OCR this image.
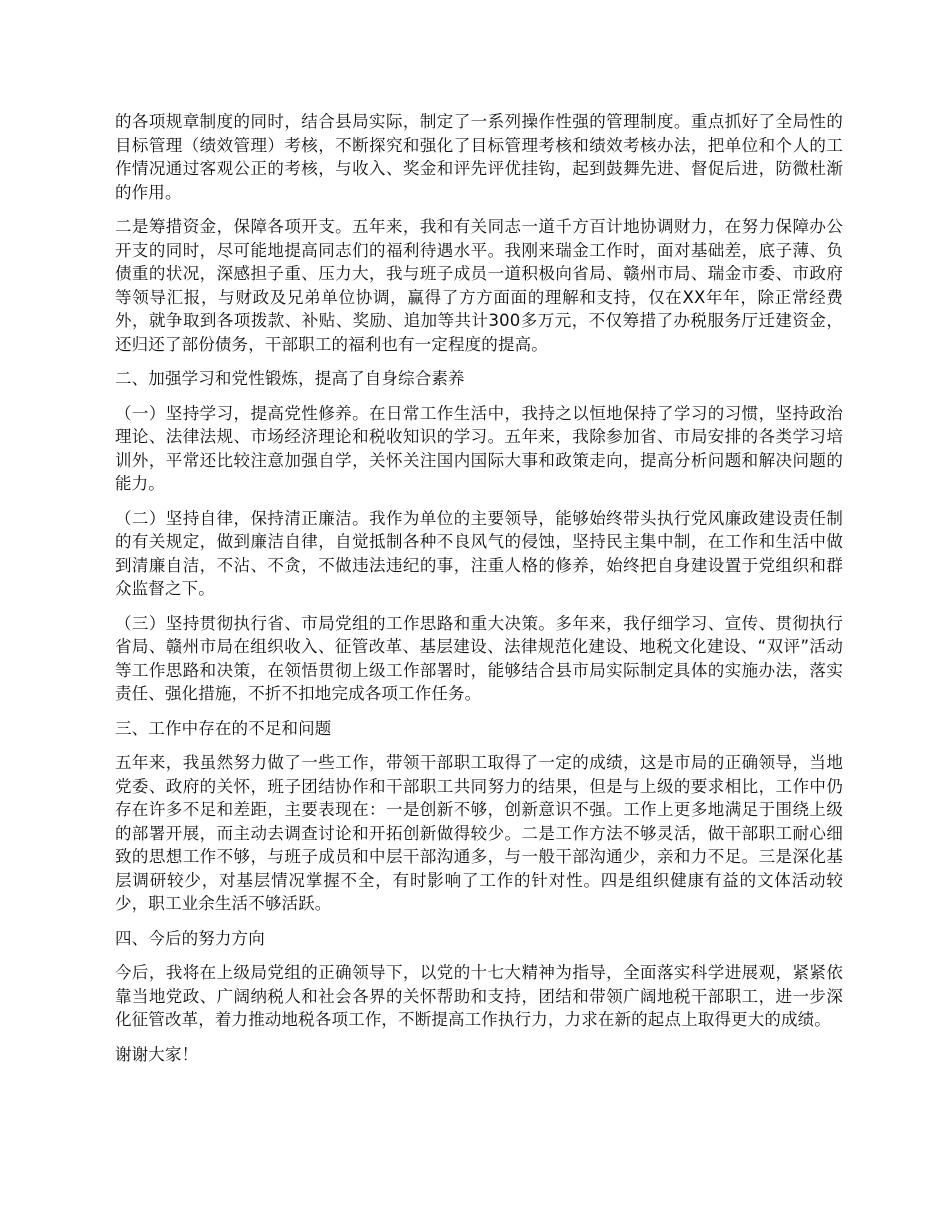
的各项规章制度的同时，结合县局实际，制定了一系列操作性强的管理制度。重点抓好了全局性的目标管理（绩效管理）考核，不断探究和强化了目标管理考核和绩效考核办法，把单位和个人的工作情况通过客观公正的考核，与收入、奖金和评先评优挂钩，起到鼓舞先进、督促后进，防微杜渐的作用。

二是筹措资金，保障各项开支。五年来，我和有关同志一道千方百计地协调财力，在努力保障办公开支的同时，尽可能地提高同志们的福利待遇水平。我刚来瑞金工作时，面对基础差，底子薄、负债重的状况，深感担子重、压力大，我与班子成员一道积极向省局、赣州市局、瑞金市委、市政府等领导汇报，与财政及兄弟单位协调，赢得了方方面面的理解和支持，仅在XX年年，除正常经费外，就争取到各项拨款、补贴、奖励、追加等共计300多万元，不仅筹措了办税服务厅迁建资金，还归还了部份债务，干部职工的福利也有一定程度的提高。

二、加强学习和党性锻炼，提高了自身综合素养

（一）坚持学习，提高党性修养。在日常工作生活中，我持之以恒地保持了学习的习惯，坚持政治理论、法律法规、市场经济理论和税收知识的学习。五年来，我除参加省、市局安排的各类学习培训外，平常还比较注意加强自学，关怀关注国内国际大事和政策走向，提高分析问题和解决问题的能力。

（二）坚持自律，保持清正廉洁。我作为单位的主要领导，能够始终带头执行党风廉政建设责任制的有关规定，做到廉洁自律，自觉抵制各种不良风气的侵蚀，坚持民主集中制，在工作和生活中做到清廉自洁，不沾、不贪，不做违法违纪的事，注重人格的修养，始终把自身建设置于党组织和群众监督之下。

（三）坚持贯彻执行省、市局党组的工作思路和重大决策。多年来，我仔细学习、宣传、贯彻执行省局、赣州市局在组织收入、征管改革、基层建设、法律规范化建设、地税文化建设、“双评”活动等工作思路和决策，在领悟贯彻上级工作部署时，能够结合县市局实际制定具体的实施办法，落实责任、强化措施，不折不扣地完成各项工作任务。

三、工作中存在的不足和问题

五年来，我虽然努力做了一些工作，带领干部职工取得了一定的成绩，这是市局的正确领导，当地党委、政府的关怀，班子团结协作和干部职工共同努力的结果，但是与上级的要求相比，工作中仍存在许多不足和差距，主要表现在：一是创新不够，创新意识不强。工作上更多地满足于围绕上级的部署开展，而主动去调查讨论和开拓创新做得较少。二是工作方法不够灵活，做干部职工耐心细致的思想工作不够，与班子成员和中层干部沟通多，与一般干部沟通少，亲和力不足。三是深化基层调研较少，对基层情况掌握不全，有时影响了工作的针对性。四是组织健康有益的文体活动较少，职工业余生活不够活跃。

四、今后的努力方向

今后，我将在上级局党组的正确领导下，以党的十七大精神为指导，全面落实科学进展观，紧紧依靠当地党政、广阔纳税人和社会各界的关怀帮助和支持，团结和带领广阔地税干部职工，进一步深化征管改革，着力推动地税各项工作，不断提高工作执行力，力求在新的起点上取得更大的成绩。

谢谢大家！
